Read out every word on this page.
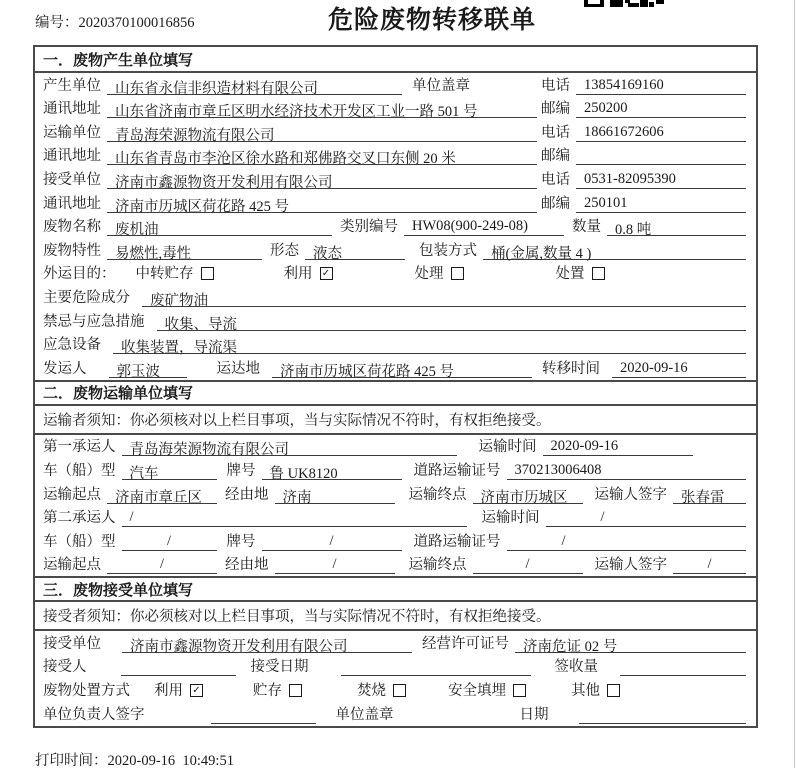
编号：2020370100016856	危险废物转移联单
一．废物产生单位填写
产生单位 山东省永信非织造材料有限公司	单位盖章	电话 13854169160
通讯地址 山东省济南市章丘区明水经济技术开发区工业一路 501 号	邮编 250200
运输单位 青岛海荣源物流有限公司	电话 18661672606
通讯地址 山东省青岛市李沧区徐水路和郑佛路交叉口东侧 20 米	邮编
接受单位 济南市鑫源物资开发利用有限公司	电话 0531-82095390
通讯地址 济南市历城区荷花路 425 号	邮编 250101
废物名称 废机油	类别编号 HW08(900-249-08)	数量 0.8 吨
废物特性 易燃性,毒性	形态 液态	包装方式 桶(金属,数量 4 )
外运目的： 中转贮存	利用 ✓	处理	处置
主要危险成分	废矿物油
禁忌与应急措施	收集、导流
应急设备	收集装置，导流渠
发运人	郭玉波	运达地	济南市历城区荷花路 425 号	转移时间	2020-09-16
二．废物运输单位填写
运输者须知：你必须核对以上栏目事项，当与实际情况不符时，有权拒绝接受。
第一承运人 青岛海荣源物流有限公司	运输时间 2020-09-16
车（船）型 汽车	牌号 鲁 UK8120	道路运输证号 370213006408
运输起点 济南市章丘区	经由地 济南	运输终点 济南市历城区	运输人签字 张春雷
第二承运人 /	运输时间	/
车（船）型	/	牌号	/	道路运输证号	/
运输起点	/	经由地	/	运输终点	/	运输人签字	/
三．废物接受单位填写
接受者须知：你必须核对以上栏目事项，当与实际情况不符时，有权拒绝接受。
接受单位	济南市鑫源物资开发利用有限公司	经营许可证号 济南危证 02 号
接受人	接受日期	签收量
废物处置方式 利用 ✓	贮存	焚烧	安全填埋	其他
单位负责人签字	单位盖章	日期
打印时间：2020-09-16  10:49:51
